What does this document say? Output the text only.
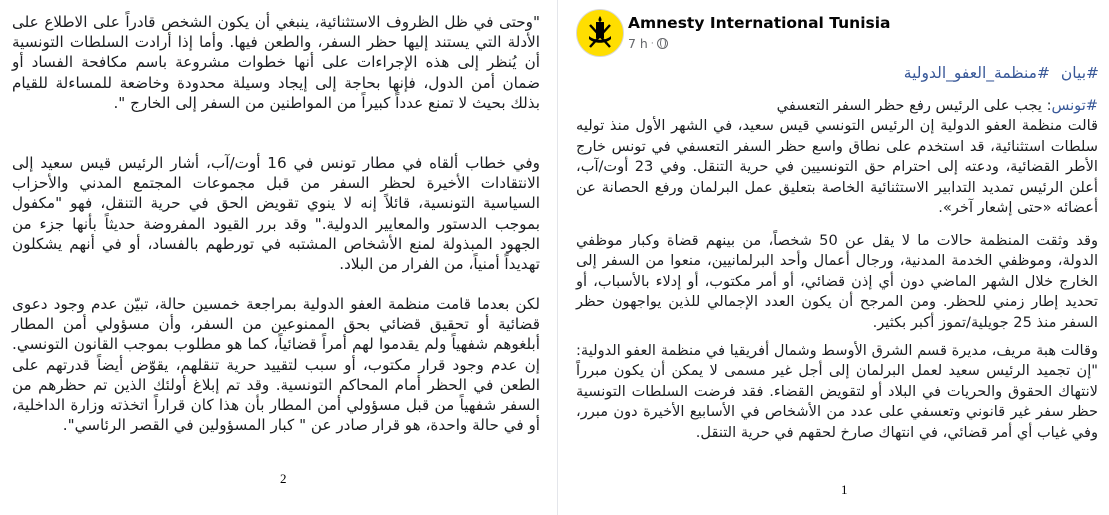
Amnesty International Tunisia
7 h ·
#بيان #منظمة_العفو_الدولية

#تونس: يجب على الرئيس رفع حظر السفر التعسفي

قالت منظمة العفو الدولية إن الرئيس التونسي قيس سعيد، في الشهر الأول منذ توليه سلطات استثنائية، قد استخدم على نطاق واسع حظر السفر التعسفي في تونس خارج الأطر القضائية، ودعته إلى احترام حق التونسيين في حرية التنقل. وفي 23 أوت/آب، أعلن الرئيس تمديد التدابير الاستثنائية الخاصة بتعليق عمل البرلمان ورفع الحصانة عن أعضائه «حتى إشعار آخر».

وقد وثقت المنظمة حالات ما لا يقل عن 50 شخصاً، من بينهم قضاة وكبار موظفي الدولة، وموظفي الخدمة المدنية، ورجال أعمال وأحد البرلمانيين، منعوا من السفر إلى الخارج خلال الشهر الماضي دون أي إذن قضائي، أو أمر مكتوب، أو إدلاء بالأسباب، أو تحديد إطار زمني للحظر. ومن المرجح أن يكون العدد الإجمالي للذين يواجهون حظر السفر منذ 25 جويلية/تموز أكبر بكثير.
وقالت هبة مريف، مديرة قسم الشرق الأوسط وشمال أفريقيا في منظمة العفو الدولية: "إن تجميد الرئيس سعيد لعمل البرلمان إلى أجل غير مسمى لا يمكن أن يكون مبرراً لانتهاك الحقوق والحريات في البلاد أو لتقويض القضاء. فقد فرضت السلطات التونسية حظر سفر غير قانوني وتعسفي على عدد من الأشخاص في الأسابيع الأخيرة دون مبرر، وفي غياب أي أمر قضائي، في انتهاك صارخ لحقهم في حرية التنقل.
1
"وحتى في ظل الظروف الاستثنائية، ينبغي أن يكون الشخص قادراً على الاطلاع على الأدلة التي يستند إليها حظر السفر، والطعن فيها. وأما إذا أرادت السلطات التونسية أن يُنظر إلى هذه الإجراءات على أنها خطوات مشروعة باسم مكافحة الفساد أو ضمان أمن الدول، فإنها بحاجة إلى إيجاد وسيلة محدودة وخاضعة للمساءلة للقيام بذلك بحيث لا تمنع عدداً كبيراً من المواطنين من السفر إلى الخارج ".
وفي خطاب ألقاه في مطار تونس في 16 أوت/آب، أشار الرئيس قيس سعيد إلى الانتقادات الأخيرة لحظر السفر من قبل مجموعات المجتمع المدني والأحزاب السياسية التونسية، قائلاً إنه لا ينوي تقويض الحق في حرية التنقل، فهو "مكفول بموجب الدستور والمعايير الدولية." وقد برر القيود المفروضة حديثاً بأنها جزء من الجهود المبذولة لمنع الأشخاص المشتبه في تورطهم بالفساد، أو في أنهم يشكلون تهديداً أمنياً، من الفرار من البلاد.
لكن بعدما قامت منظمة العفو الدولية بمراجعة خمسين حالة، تبيّن عدم وجود دعوى قضائية أو تحقيق قضائي بحق الممنوعين من السفر، وأن مسؤولي أمن المطار أبلغوهم شفهياً ولم يقدموا لهم أمراً قضائياً، كما هو مطلوب بموجب القانون التونسي. إن عدم وجود قرار مكتوب، أو سبب لتقييد حرية تنقلهم، يقوّض أيضاً قدرتهم على الطعن في الحظر أمام المحاكم التونسية. وقد تم إبلاغ أولئك الذين تم حظرهم من السفر شفهياً من قبل مسؤولي أمن المطار بأن هذا كان قراراً اتخذته وزارة الداخلية، أو في حالة واحدة، هو قرار صادر عن " كبار المسؤولين في القصر الرئاسي".
2
